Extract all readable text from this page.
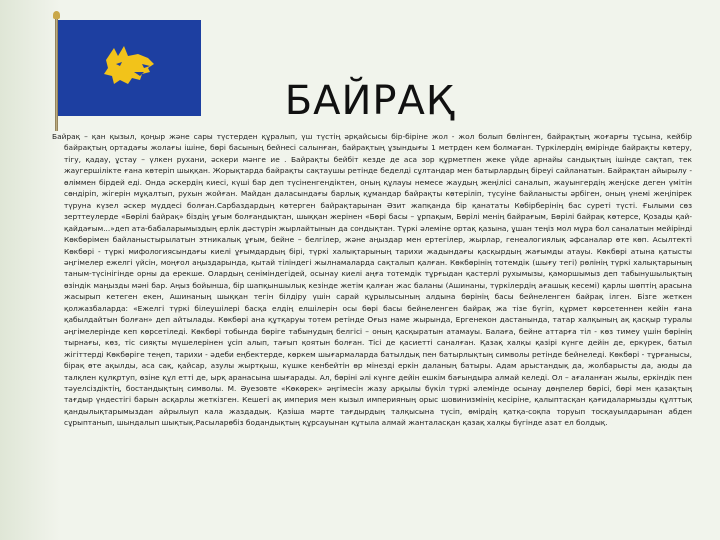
БАЙРАҚ
Байрақ – қан қызыл, қоңыр және сары түстерден құралып, үш түстің әрқайсысы бір-біріне жол - жол болып бөлінген, байрақтың жоғарғы тұсына, кейбір байрақтың ортадағы жолағы ішіне, бөрі басының бейнесі салынған, байрақтың ұзындығы 1 метрден кем болмаған. Түркілердің өмірінде байрақты көтеру, тігу, қадау, ұстау – үлкен рухани, әскери мәнге ие . Байрақты бейбіт кезде де аса зор құрметпен жеке үйде арнайы сандықтың ішінде сақтап, тек жаугершілікте ғана көтеріп шыққан. Жорықтарда байрақты сақтаушы ретінде беделді сұлтандар мен батырлардың біреуі сайланатын. Байрақтан айырылу - өліммен бірдей еді. Онда әскердің киесі, күші бар деп түсіненгендіктен, оның құлауы немесе жаудың жеңілісі саналып, жауынгердің жеңіске деген үмітін сөндіріп, жігерін мұқалтып, рухын жойған. Майдан даласындағы барлық құмандар байрақты көтеріліп, түсуіне байланысты әрбіген, оның үнемі жеңіпірек түруна күзел әскер мүддесі болған.Сарбаздардың көтерген байрақтарынан Әзит жапқанда бір қанататы Көбірберінің бас суреті түсті. Ғылыми сөз зерттеулерде «Бөрілі байрақ» біздің ұғым болғандықтан, шыққан жерінен «Бөрі басы – ұрпақым, Бөрілі менің байрағым, Бөрілі байрақ көтерсе, Қозады қай-қайдағым...»деп ата-бабаларымыздың ерлік дәстүрін жырлайтынын да сондықтан. Түркі әлеміне ортақ қазына, ұшан теңіз мол мұра бол саналатын мейірінді Көкбөрімен байланыстырылатын этникалық ұғым, бейне – белгілер, және аңыздар мен ертегілер, жырлар, генеалогиялық әфсаналар өте көп. Асылтекті Көкбөрі - түркі мифологиясындағы киелі ұғымдардың бірі, түркі халықтарының тарихи жадындағы қасқырдың жағымды атауы. Көкбөрі атына қатысты әңгімелер ежелгі үйсін, моңғол аңыздарында, қытай тіліндегі жылнамаларда сақталып қалған. Көкбөрінің тотемдік (шығу тегі) рөлінің түркі халықтарының таным-түсінігінде орны да ерекше. Олардың сеніміндегідей, осынау киелі аңға тотемдік тұрғыдан қастерлі рухымызы, қаморшымыз деп табынушылықтың өзіндік маңызды мәні бар. Аңыз бойынша, бір шапқыншылық кезінде жетім қалған жас баланы (Ашинаны, түркілердің ағашық кесемі) қарлы шөптің арасына жасырып кетеген екен, Ашинаның шыққан тегін білдіру үшін сарай құрылысының алдына бөрінің басы бейнеленген байрақ ілген. Бізге жеткен қолжазбаларда: «Ежелгі түркі білеушілері басқа елдің елшілерін осы бөрі басы бейнеленген байрақ жа тізе бүгіп, құрмет көрсетеннен кейін ғана қабылдайтын болған» деп айтылады. Көкбөрі ана құтқаруы тотем ретінде Оғыз наме жырында, Ергенекон дастанында, татар халқының ақ қасқыр туралы әңгімелерінде кеп көрсетіледі. Көкбөрі тобында бөріге табынудың белгісі – оның қасқыратын атамауы. Балаға, бейне аттарға тіл - көз тимеу үшін бөрінің тырнағы, көз, тіс сияқты мүшелерінен ұсіп алып, тағып қоятын болған. Тісі де қасиетті саналған. Қазақ халқы қазірі күнге дейін де, еркүрек, батыл жігіттерді Көкбөріге теңеп, тарихи - әдеби еңбектерде, көркем шығармаларда батылдық пен батырлықтың символы ретінде бейнеледі. Көкбөрі - тұрғанысы, бірақ өте ақылды, аса сақ, қайсар, азулы жыртқыш, күшке кенбейтін өр мінезді еркін даланың батыры. Адам арыстандық да, жолбарысты да, аюды да талқлен құлқртуп, өзіне құл етті де, ырқ аранасына шығарады. Ал, бөрінi әлі күнге дейін ешкім бағындыра алмай келеді. Ол – ағаланған жылы, еркіндік пен тәуелсіздіктің, бостандықтың символы. М. Әуезовте «Көкөрек» әңгімесін жазу арқылы бүкіл түркі әлемінде осынау дөңпелер бөрісі, бөрі мен қазақтың тағдыр үндестігі барын асқарлы жеткізген. Кешегі ақ империя мен кызыл империяның орыс шовинизмінің кесіріне, қалыптасқан қағидалармызды құлттық қандылықтарымыздан айрылыуп кала жаздадық. Қазіша мәрте тағдырдың талқысына түсіп, өмірдің қатқа-соқпа торуып тосқауылдарынан абден сұрыптанып, шындалып шықтық.Расыларөбіз бодандықтың құрсауынан құтыла алмай жанталасқан қазақ халқы бүгінде азат ел болдық.
